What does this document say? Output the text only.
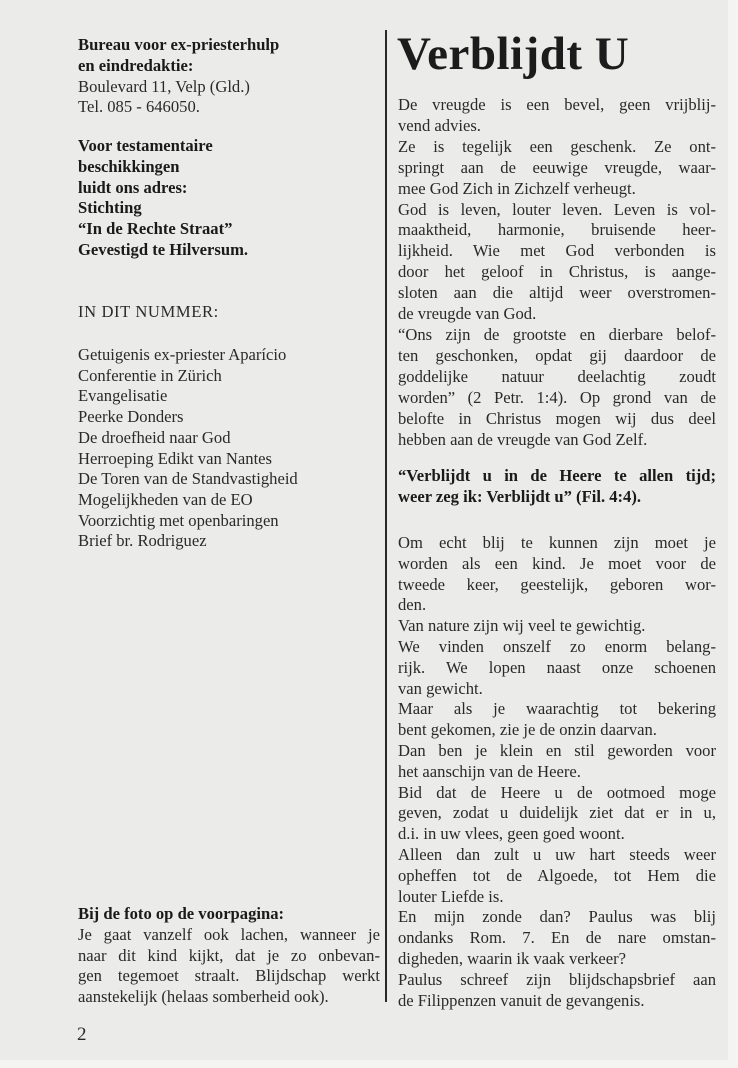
Bureau voor ex-priesterhulp
en eindredaktie:
Boulevard 11, Velp (Gld.)
Tel. 085 - 646050.
Voor testamentaire
beschikkingen
luidt ons adres:
Stichting
“In de Rechte Straat”
Gevestigd te Hilversum.
IN DIT NUMMER:
Getuigenis ex-priester Aparício
Conferentie in Zürich
Evangelisatie
Peerke Donders
De droefheid naar God
Herroeping Edikt van Nantes
De Toren van de Standvastigheid
Mogelijkheden van de EO
Voorzichtig met openbaringen
Brief br. Rodriguez
Bij de foto op de voorpagina:
Je gaat vanzelf ook lachen, wanneer je
naar dit kind kijkt, dat je zo onbevan-
gen tegemoet straalt. Blijdschap werkt
aanstekelijk (helaas somberheid ook).
2
Verblijdt U
De vreugde is een bevel, geen vrijblij-
vend advies.
Ze is tegelijk een geschenk. Ze ont-
springt aan de eeuwige vreugde, waar-
mee God Zich in Zichzelf verheugt.
God is leven, louter leven. Leven is vol-
maaktheid, harmonie, bruisende heer-
lijkheid. Wie met God verbonden is
door het geloof in Christus, is aange-
sloten aan die altijd weer overstromen-
de vreugde van God.
“Ons zijn de grootste en dierbare belof-
ten geschonken, opdat gij daardoor de
goddelijke natuur deelachtig zoudt
worden” (2 Petr. 1:4). Op grond van de
belofte in Christus mogen wij dus deel
hebben aan de vreugde van God Zelf.
“Verblijdt u in de Heere te allen tijd;
weer zeg ik: Verblijdt u” (Fil. 4:4).
Om echt blij te kunnen zijn moet je
worden als een kind. Je moet voor de
tweede keer, geestelijk, geboren wor-
den.
Van nature zijn wij veel te gewichtig.
We vinden onszelf zo enorm belang-
rijk. We lopen naast onze schoenen
van gewicht.
Maar als je waarachtig tot bekering
bent gekomen, zie je de onzin daarvan.
Dan ben je klein en stil geworden voor
het aanschijn van de Heere.
Bid dat de Heere u de ootmoed moge
geven, zodat u duidelijk ziet dat er in u,
d.i. in uw vlees, geen goed woont.
Alleen dan zult u uw hart steeds weer
opheffen tot de Algoede, tot Hem die
louter Liefde is.
En mijn zonde dan? Paulus was blij
ondanks Rom. 7. En de nare omstan-
digheden, waarin ik vaak verkeer?
Paulus schreef zijn blijdschapsbrief aan
de Filippenzen vanuit de gevangenis.
